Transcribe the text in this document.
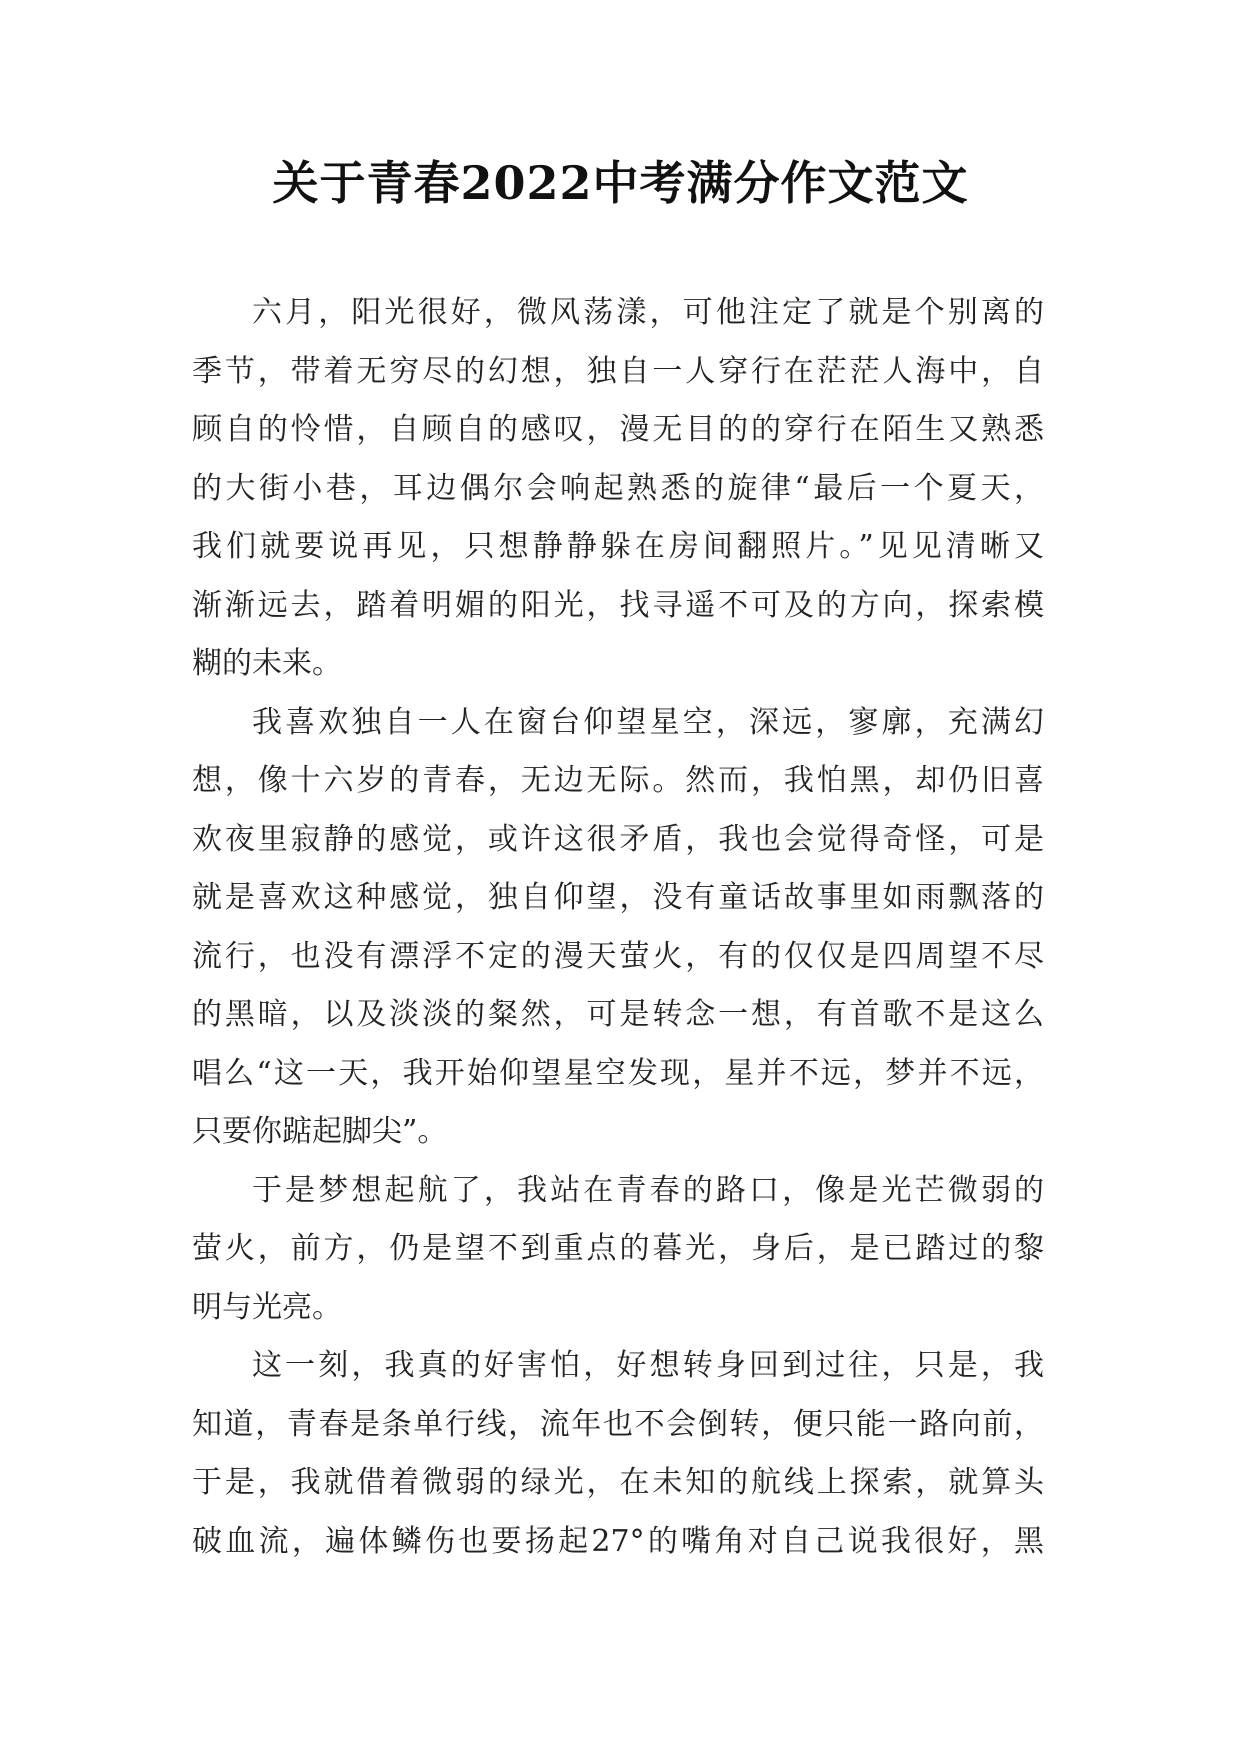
关于青春2022中考满分作文范文

六月，阳光很好，微风荡漾，可他注定了就是个别离的
季节，带着无穷尽的幻想，独自一人穿行在茫茫人海中，自
顾自的怜惜，自顾自的感叹，漫无目的的穿行在陌生又熟悉
的大街小巷，耳边偶尔会响起熟悉的旋律“最后一个夏天，
我们就要说再见，只想静静躲在房间翻照片。”见见清晰又
渐渐远去，踏着明媚的阳光，找寻遥不可及的方向，探索模
糊的未来。

我喜欢独自一人在窗台仰望星空，深远，寥廓，充满幻
想，像十六岁的青春，无边无际。然而，我怕黑，却仍旧喜
欢夜里寂静的感觉，或许这很矛盾，我也会觉得奇怪，可是
就是喜欢这种感觉，独自仰望，没有童话故事里如雨飘落的
流行，也没有漂浮不定的漫天萤火，有的仅仅是四周望不尽
的黑暗，以及淡淡的粲然，可是转念一想，有首歌不是这么
唱么“这一天，我开始仰望星空发现，星并不远，梦并不远，
只要你踮起脚尖”。

于是梦想起航了，我站在青春的路口，像是光芒微弱的
萤火，前方，仍是望不到重点的暮光，身后，是已踏过的黎
明与光亮。

这一刻，我真的好害怕，好想转身回到过往，只是，我
知道，青春是条单行线，流年也不会倒转，便只能一路向前，
于是，我就借着微弱的绿光，在未知的航线上探索，就算头
破血流，遍体鳞伤也要扬起27°的嘴角对自己说我很好，黑
